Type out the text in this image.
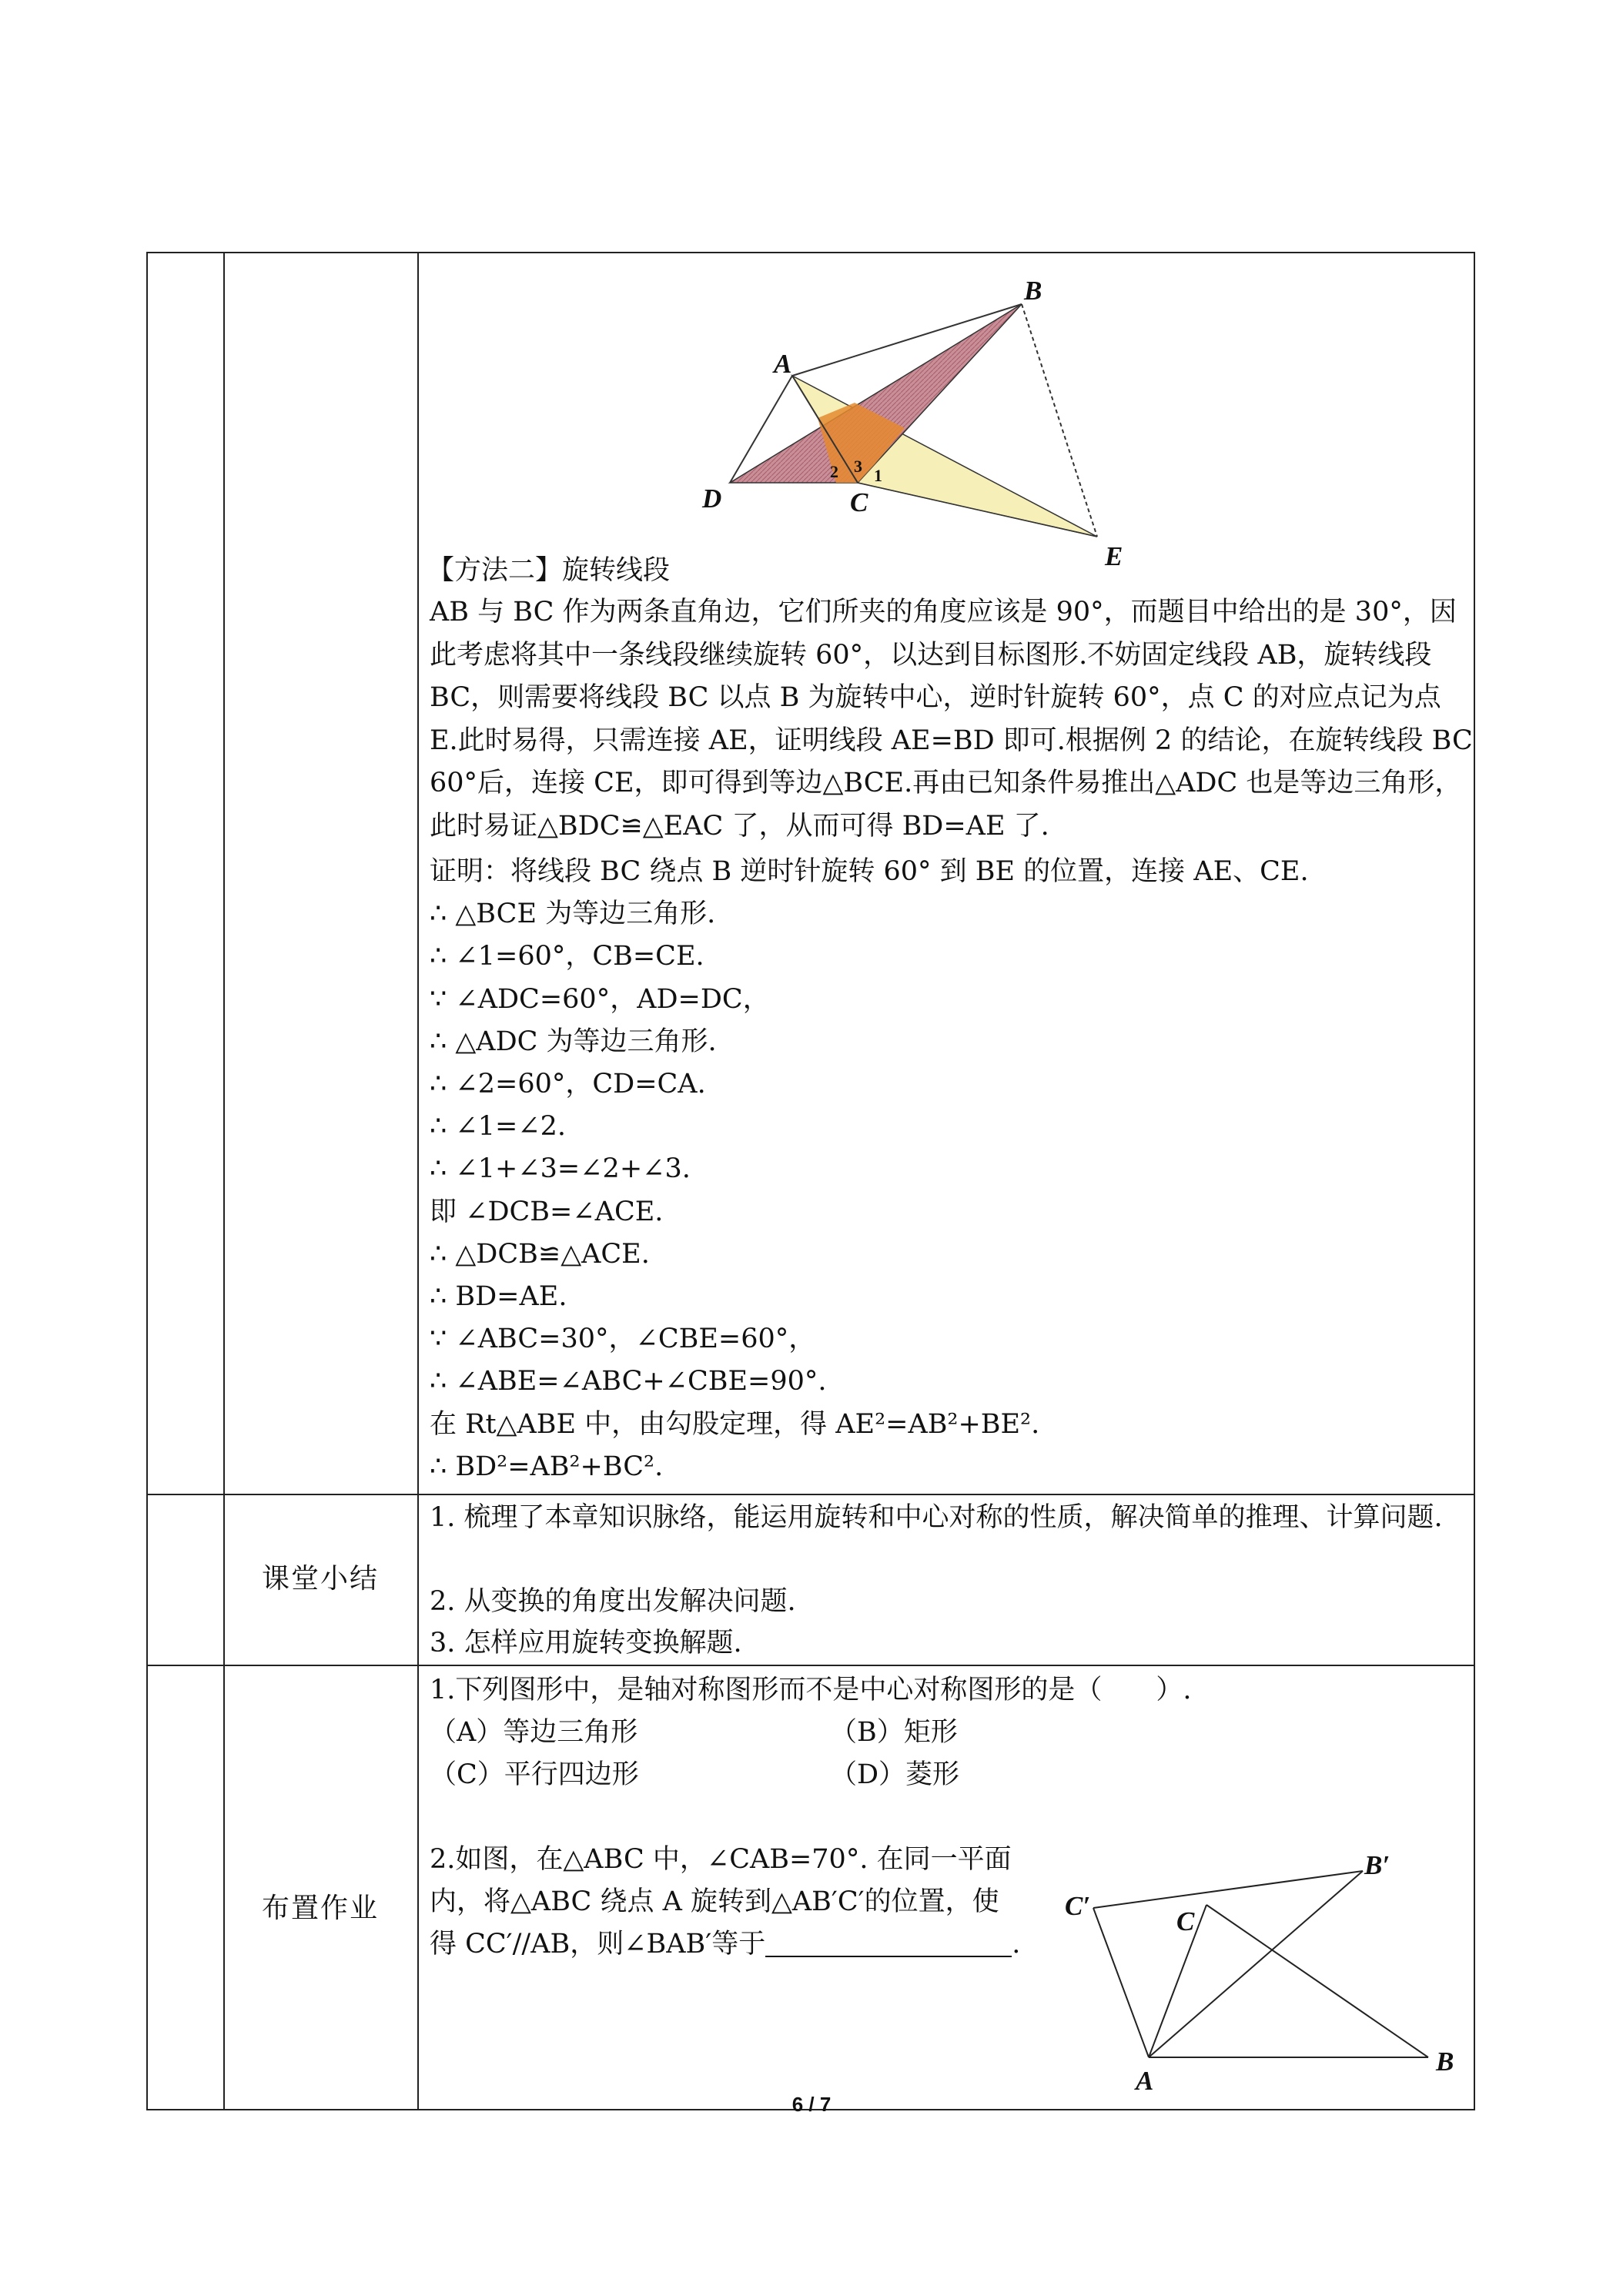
B
A
D	C
E
2 3 1
【方法二】旋转线段
AB 与 BC 作为两条直角边，它们所夹的角度应该是 90°，而题目中给出的是 30°，因此考虑将其中一条线段继续旋转 60°，以达到目标图形.不妨固定线段 AB，旋转线段 BC，则需要将线段 BC 以点 B 为旋转中心，逆时针旋转 60°，点 C 的对应点记为点 E.此时易得，只需连接 AE，证明线段 AE=BD 即可.根据例 2 的结论，在旋转线段 BC 60°后，连接 CE，即可得到等边△BCE.再由已知条件易推出△ADC 也是等边三角形，此时易证△BDC≌△EAC 了，从而可得 BD=AE 了.
证明：将线段 BC 绕点 B 逆时针旋转 60° 到 BE 的位置，连接 AE、CE.
∴ △BCE 为等边三角形.
∴ ∠1=60°，CB=CE.
∵ ∠ADC=60°，AD=DC，
∴ △ADC 为等边三角形.
∴ ∠2=60°，CD=CA.
∴ ∠1=∠2.
∴ ∠1+∠3=∠2+∠3.
即 ∠DCB=∠ACE.
∴ △DCB≌△ACE.
∴ BD=AE.
∵ ∠ABC=30°，∠CBE=60°，
∴ ∠ABE=∠ABC+∠CBE=90°.
在 Rt△ABE 中，由勾股定理，得 AE²=AB²+BE².
∴ BD²=AB²+BC².
课堂小结
1. 梳理了本章知识脉络，能运用旋转和中心对称的性质，解决简单的推理、计算问题.
2. 从变换的角度出发解决问题.
3. 怎样应用旋转变换解题.
布置作业
1.下列图形中，是轴对称图形而不是中心对称图形的是（　　）.
（A）等边三角形	（B）矩形
（C）平行四边形	（D）菱形
2.如图，在△ABC 中，∠CAB=70°. 在同一平面
内，将△ABC 绕点 A 旋转到△AB′C′的位置，使
得 CC′//AB，则∠BAB′等于	.
B′
C′
C
A
B
6 / 7
